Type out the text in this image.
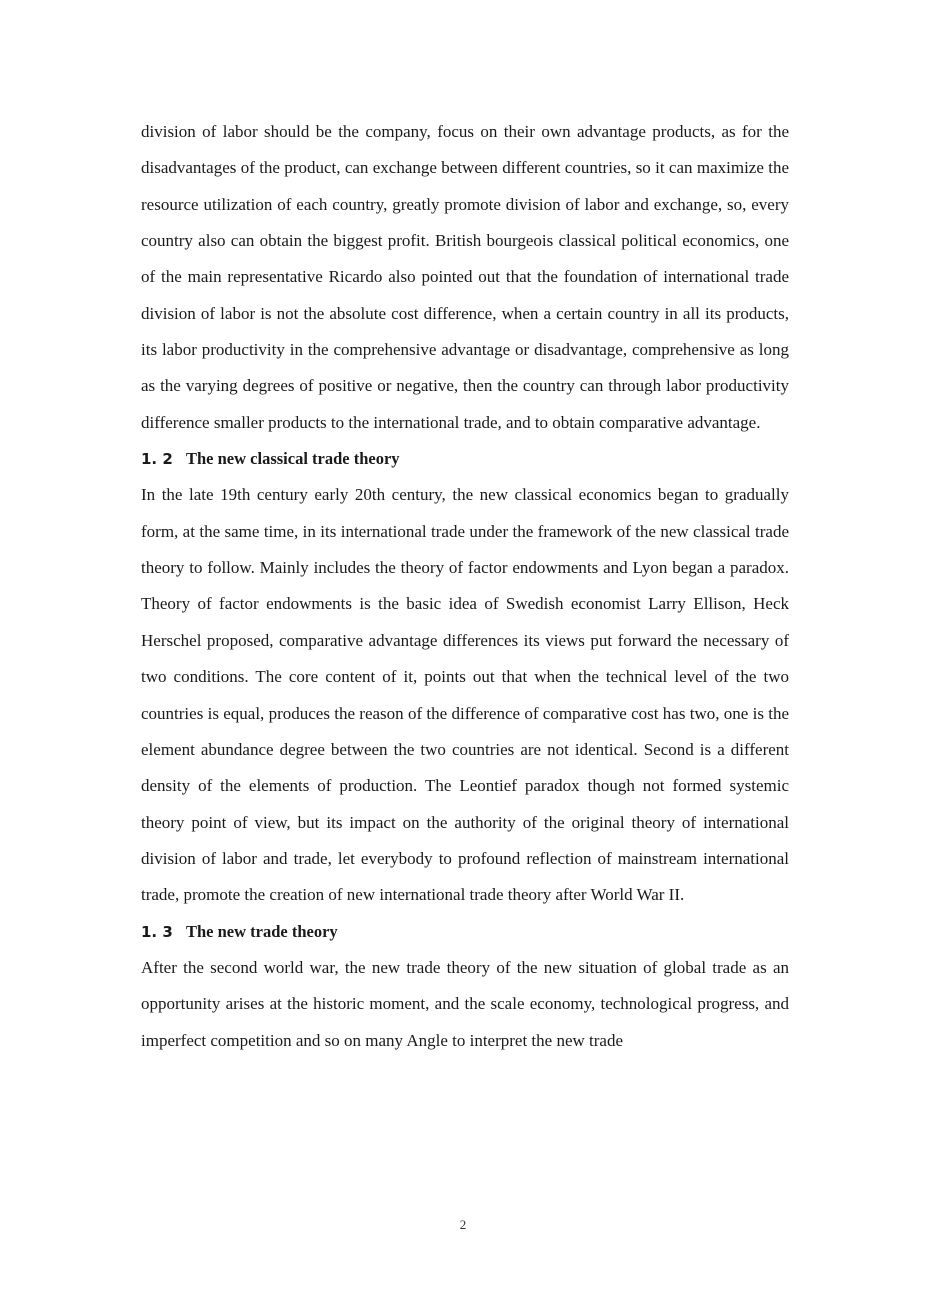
division of labor should be the company, focus on their own advantage products, as for the disadvantages of the product, can exchange between different countries, so it can maximize the resource utilization of each country, greatly promote division of labor and exchange, so, every country also can obtain the biggest profit. British bourgeois classical political economics, one of the main representative Ricardo also pointed out that the foundation of international trade division of labor is not the absolute cost difference, when a certain country in all its products, its labor productivity in the comprehensive advantage or disadvantage, comprehensive as long as the varying degrees of positive or negative, then the country can through labor productivity difference smaller products to the international trade, and to obtain comparative advantage.

1. 2 The new classical trade theory

In the late 19th century early 20th century, the new classical economics began to gradually form, at the same time, in its international trade under the framework of the new classical trade theory to follow. Mainly includes the theory of factor endowments and Lyon began a paradox. Theory of factor endowments is the basic idea of Swedish economist Larry Ellison, Heck Herschel proposed, comparative advantage differences its views put forward the necessary of two conditions. The core content of it, points out that when the technical level of the two countries is equal, produces the reason of the difference of comparative cost has two, one is the element abundance degree between the two countries are not identical. Second is a different density of the elements of production. The Leontief paradox though not formed systemic theory point of view, but its impact on the authority of the original theory of international division of labor and trade, let everybody to profound reflection of mainstream international trade, promote the creation of new international trade theory after World War II.

1. 3 The new trade theory

After the second world war, the new trade theory of the new situation of global trade as an opportunity arises at the historic moment, and the scale economy, technological progress, and imperfect competition and so on many Angle to interpret the new trade

2
